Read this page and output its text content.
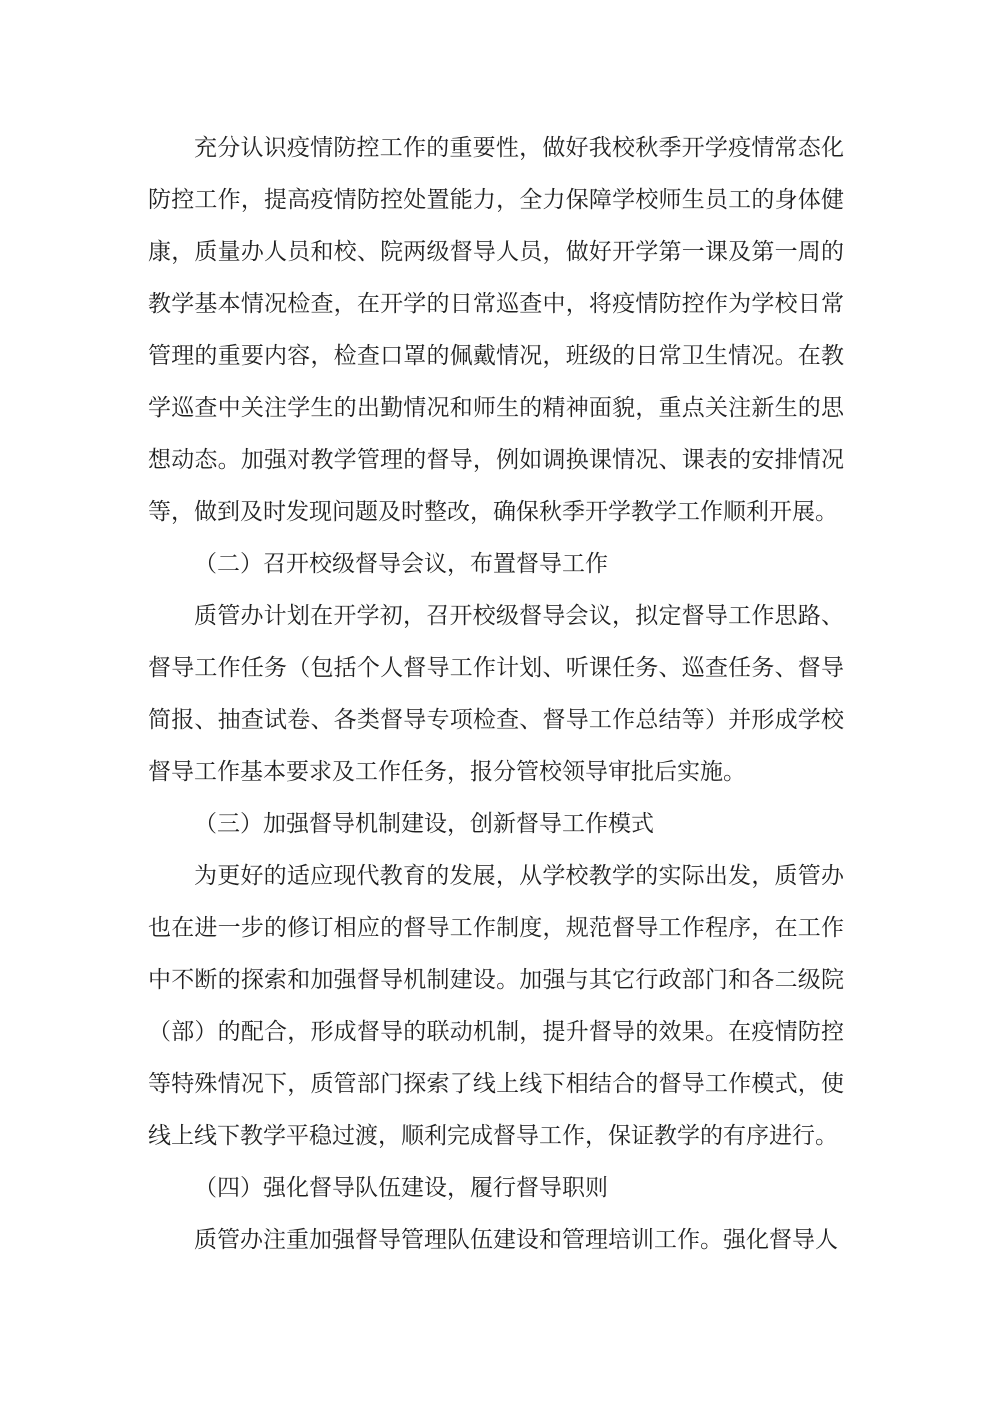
充分认识疫情防控工作的重要性，做好我校秋季开学疫情常态化防控工作，提高疫情防控处置能力，全力保障学校师生员工的身体健康，质量办人员和校、院两级督导人员，做好开学第一课及第一周的教学基本情况检查，在开学的日常巡查中，将疫情防控作为学校日常管理的重要内容，检查口罩的佩戴情况，班级的日常卫生情况。在教学巡查中关注学生的出勤情况和师生的精神面貌，重点关注新生的思想动态。加强对教学管理的督导，例如调换课情况、课表的安排情况等，做到及时发现问题及时整改，确保秋季开学教学工作顺利开展。

（二）召开校级督导会议，布置督导工作

质管办计划在开学初，召开校级督导会议，拟定督导工作思路、督导工作任务（包括个人督导工作计划、听课任务、巡查任务、督导简报、抽查试卷、各类督导专项检查、督导工作总结等）并形成学校督导工作基本要求及工作任务，报分管校领导审批后实施。

（三）加强督导机制建设，创新督导工作模式

为更好的适应现代教育的发展，从学校教学的实际出发，质管办也在进一步的修订相应的督导工作制度，规范督导工作程序，在工作中不断的探索和加强督导机制建设。加强与其它行政部门和各二级院（部）的配合，形成督导的联动机制，提升督导的效果。在疫情防控等特殊情况下，质管部门探索了线上线下相结合的督导工作模式，使线上线下教学平稳过渡，顺利完成督导工作，保证教学的有序进行。

（四）强化督导队伍建设，履行督导职则

质管办注重加强督导管理队伍建设和管理培训工作。强化督导人
